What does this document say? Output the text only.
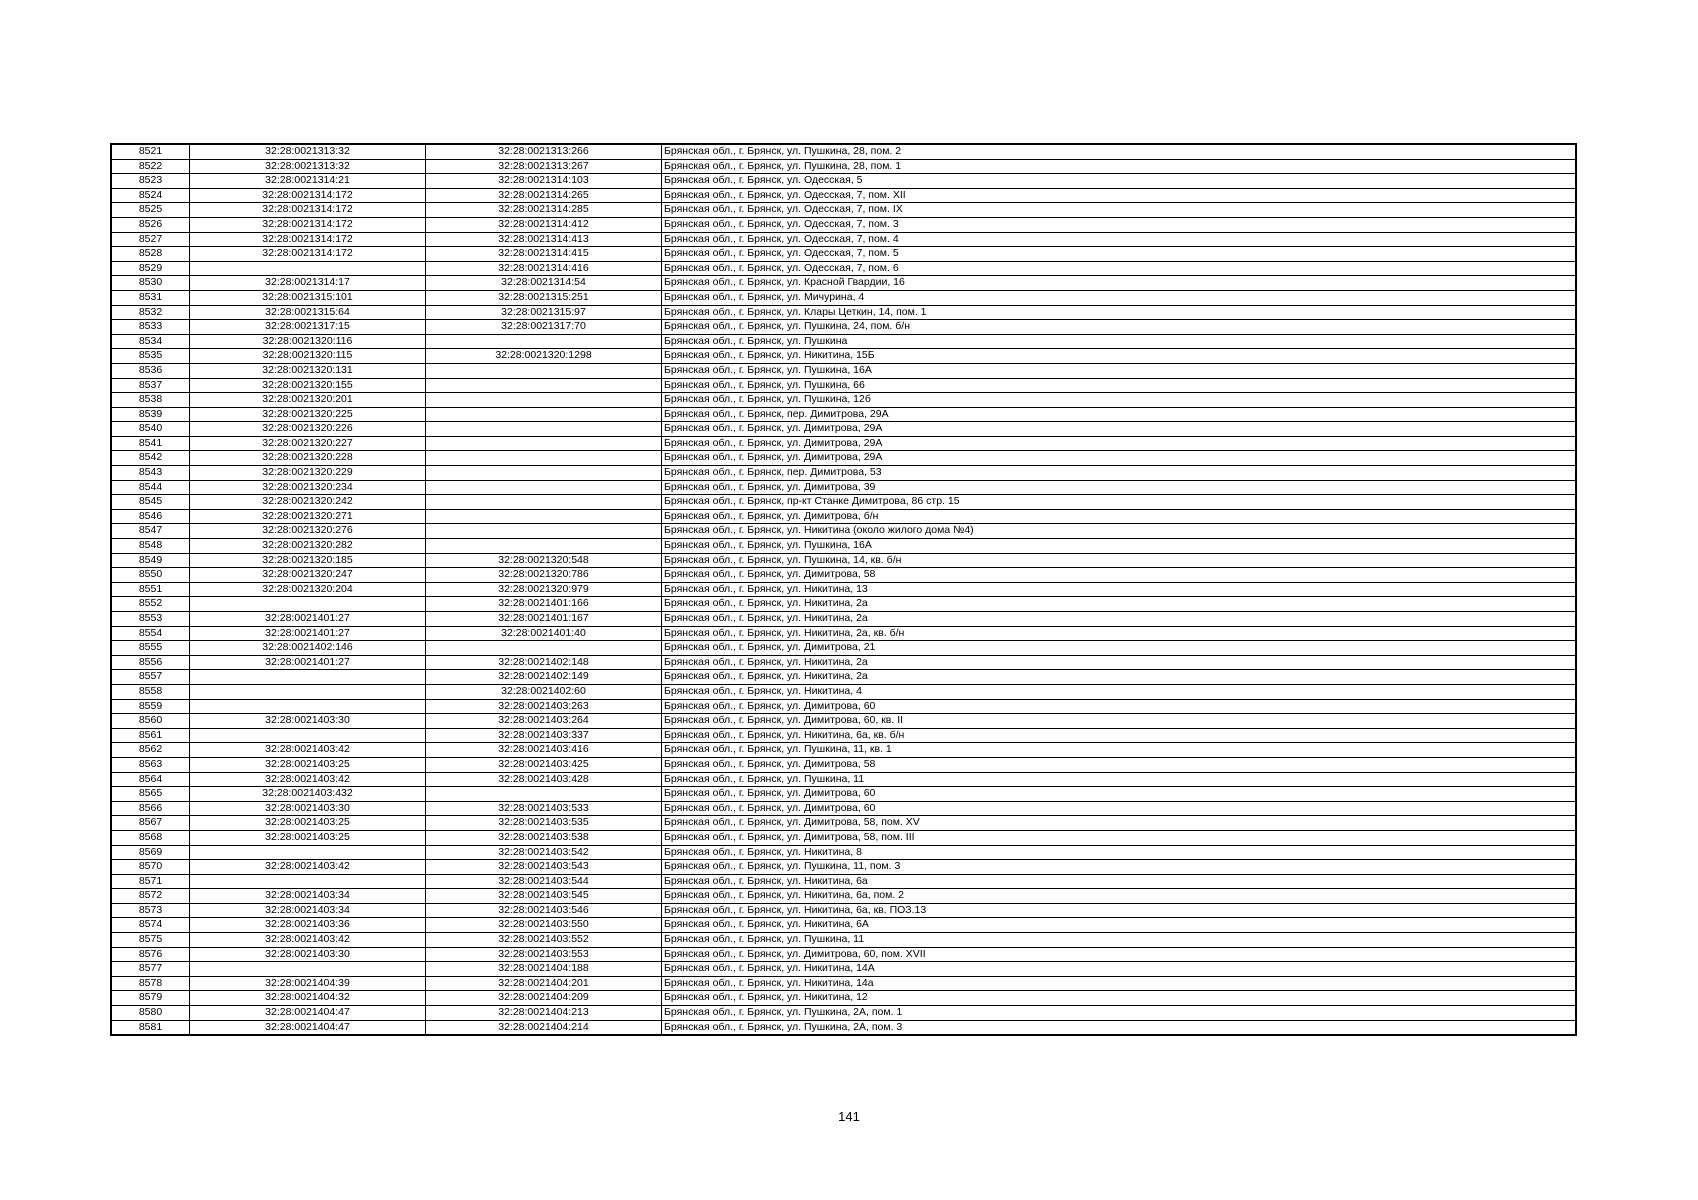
8521	32:28:0021313:32	32:28:0021313:266	Брянская обл., г. Брянск, ул. Пушкина, 28, пом. 2
8522	32:28:0021313:32	32:28:0021313:267	Брянская обл., г. Брянск, ул. Пушкина, 28, пом. 1
8523	32:28:0021314:21	32:28:0021314:103	Брянская обл., г. Брянск, ул. Одесская, 5
8524	32:28:0021314:172	32:28:0021314:265	Брянская обл., г. Брянск, ул. Одесская, 7, пом. XII
8525	32:28:0021314:172	32:28:0021314:285	Брянская обл., г. Брянск, ул. Одесская, 7, пом. IX
8526	32:28:0021314:172	32:28:0021314:412	Брянская обл., г. Брянск, ул. Одесская, 7, пом. 3
8527	32:28:0021314:172	32:28:0021314:413	Брянская обл., г. Брянск, ул. Одесская, 7, пом. 4
8528	32:28:0021314:172	32:28:0021314:415	Брянская обл., г. Брянск, ул. Одесская, 7, пом. 5
8529		32:28:0021314:416	Брянская обл., г. Брянск, ул. Одесская, 7, пом. 6
8530	32:28:0021314:17	32:28:0021314:54	Брянская обл., г. Брянск, ул. Красной Гвардии, 16
8531	32:28:0021315:101	32:28:0021315:251	Брянская обл., г. Брянск, ул. Мичурина, 4
8532	32:28:0021315:64	32:28:0021315:97	Брянская обл., г. Брянск, ул. Клары Цеткин, 14, пом. 1
8533	32:28:0021317:15	32:28:0021317:70	Брянская обл., г. Брянск, ул. Пушкина, 24, пом. б/н
8534	32:28:0021320:116		Брянская обл., г. Брянск, ул. Пушкина
8535	32:28:0021320:115	32:28:0021320:1298	Брянская обл., г. Брянск, ул. Никитина, 15Б
8536	32:28:0021320:131		Брянская обл., г. Брянск, ул. Пушкина, 16А
8537	32:28:0021320:155		Брянская обл., г. Брянск, ул. Пушкина, 66
8538	32:28:0021320:201		Брянская обл., г. Брянск, ул. Пушкина, 12б
8539	32:28:0021320:225		Брянская обл., г. Брянск, пер. Димитрова, 29А
8540	32:28:0021320:226		Брянская обл., г. Брянск, ул. Димитрова, 29А
8541	32:28:0021320:227		Брянская обл., г. Брянск, ул. Димитрова, 29А
8542	32:28:0021320:228		Брянская обл., г. Брянск, ул. Димитрова, 29А
8543	32:28:0021320:229		Брянская обл., г. Брянск, пер. Димитрова, 53
8544	32:28:0021320:234		Брянская обл., г. Брянск, ул. Димитрова, 39
8545	32:28:0021320:242		Брянская обл., г. Брянск, пр-кт Станке Димитрова, 86 стр. 15
8546	32:28:0021320:271		Брянская обл., г. Брянск, ул. Димитрова, б/н
8547	32:28:0021320:276		Брянская обл., г. Брянск, ул. Никитина (около жилого дома №4)
8548	32:28:0021320:282		Брянская обл., г. Брянск, ул. Пушкина, 16А
8549	32:28:0021320:185	32:28:0021320:548	Брянская обл., г. Брянск, ул. Пушкина, 14, кв. б/н
8550	32:28:0021320:247	32:28:0021320:786	Брянская обл., г. Брянск, ул. Димитрова, 58
8551	32:28:0021320:204	32:28:0021320:979	Брянская обл., г. Брянск, ул. Никитина, 13
8552		32:28:0021401:166	Брянская обл., г. Брянск, ул. Никитина, 2а
8553	32:28:0021401:27	32:28:0021401:167	Брянская обл., г. Брянск, ул. Никитина, 2а
8554	32:28:0021401:27	32:28:0021401:40	Брянская обл., г. Брянск, ул. Никитина, 2а, кв. б/н
8555	32:28:0021402:146		Брянская обл., г. Брянск, ул. Димитрова, 21
8556	32:28:0021401:27	32:28:0021402:148	Брянская обл., г. Брянск, ул. Никитина, 2а
8557		32:28:0021402:149	Брянская обл., г. Брянск, ул. Никитина, 2а
8558		32:28:0021402:60	Брянская обл., г. Брянск, ул. Никитина, 4
8559		32:28:0021403:263	Брянская обл., г. Брянск, ул. Димитрова, 60
8560	32:28:0021403:30	32:28:0021403:264	Брянская обл., г. Брянск, ул. Димитрова, 60, кв. II
8561		32:28:0021403:337	Брянская обл., г. Брянск, ул. Никитина, 6а, кв. б/н
8562	32:28:0021403:42	32:28:0021403:416	Брянская обл., г. Брянск, ул. Пушкина, 11, кв. 1
8563	32:28:0021403:25	32:28:0021403:425	Брянская обл., г. Брянск, ул. Димитрова, 58
8564	32:28:0021403:42	32:28:0021403:428	Брянская обл., г. Брянск, ул. Пушкина, 11
8565	32:28:0021403:432		Брянская обл., г. Брянск, ул. Димитрова, 60
8566	32:28:0021403:30	32:28:0021403:533	Брянская обл., г. Брянск, ул. Димитрова, 60
8567	32:28:0021403:25	32:28:0021403:535	Брянская обл., г. Брянск, ул. Димитрова, 58, пом. XV
8568	32:28:0021403:25	32:28:0021403:538	Брянская обл., г. Брянск, ул. Димитрова, 58, пом. III
8569		32:28:0021403:542	Брянская обл., г. Брянск, ул. Никитина, 8
8570	32:28:0021403:42	32:28:0021403:543	Брянская обл., г. Брянск, ул. Пушкина, 11, пом. 3
8571		32:28:0021403:544	Брянская обл., г. Брянск, ул. Никитина, 6а
8572	32:28:0021403:34	32:28:0021403:545	Брянская обл., г. Брянск, ул. Никитина, 6а, пом. 2
8573	32:28:0021403:34	32:28:0021403:546	Брянская обл., г. Брянск, ул. Никитина, 6а, кв. ПОЗ.13
8574	32:28:0021403:36	32:28:0021403:550	Брянская обл., г. Брянск, ул. Никитина, 6А
8575	32:28:0021403:42	32:28:0021403:552	Брянская обл., г. Брянск, ул. Пушкина, 11
8576	32:28:0021403:30	32:28:0021403:553	Брянская обл., г. Брянск, ул. Димитрова, 60, пом. XVII
8577		32:28:0021404:188	Брянская обл., г. Брянск, ул. Никитина, 14А
8578	32:28:0021404:39	32:28:0021404:201	Брянская обл., г. Брянск, ул. Никитина, 14а
8579	32:28:0021404:32	32:28:0021404:209	Брянская обл., г. Брянск, ул. Никитина, 12
8580	32:28:0021404:47	32:28:0021404:213	Брянская обл., г. Брянск, ул. Пушкина, 2А, пом. 1
8581	32:28:0021404:47	32:28:0021404:214	Брянская обл., г. Брянск, ул. Пушкина, 2А, пом. 3
141
